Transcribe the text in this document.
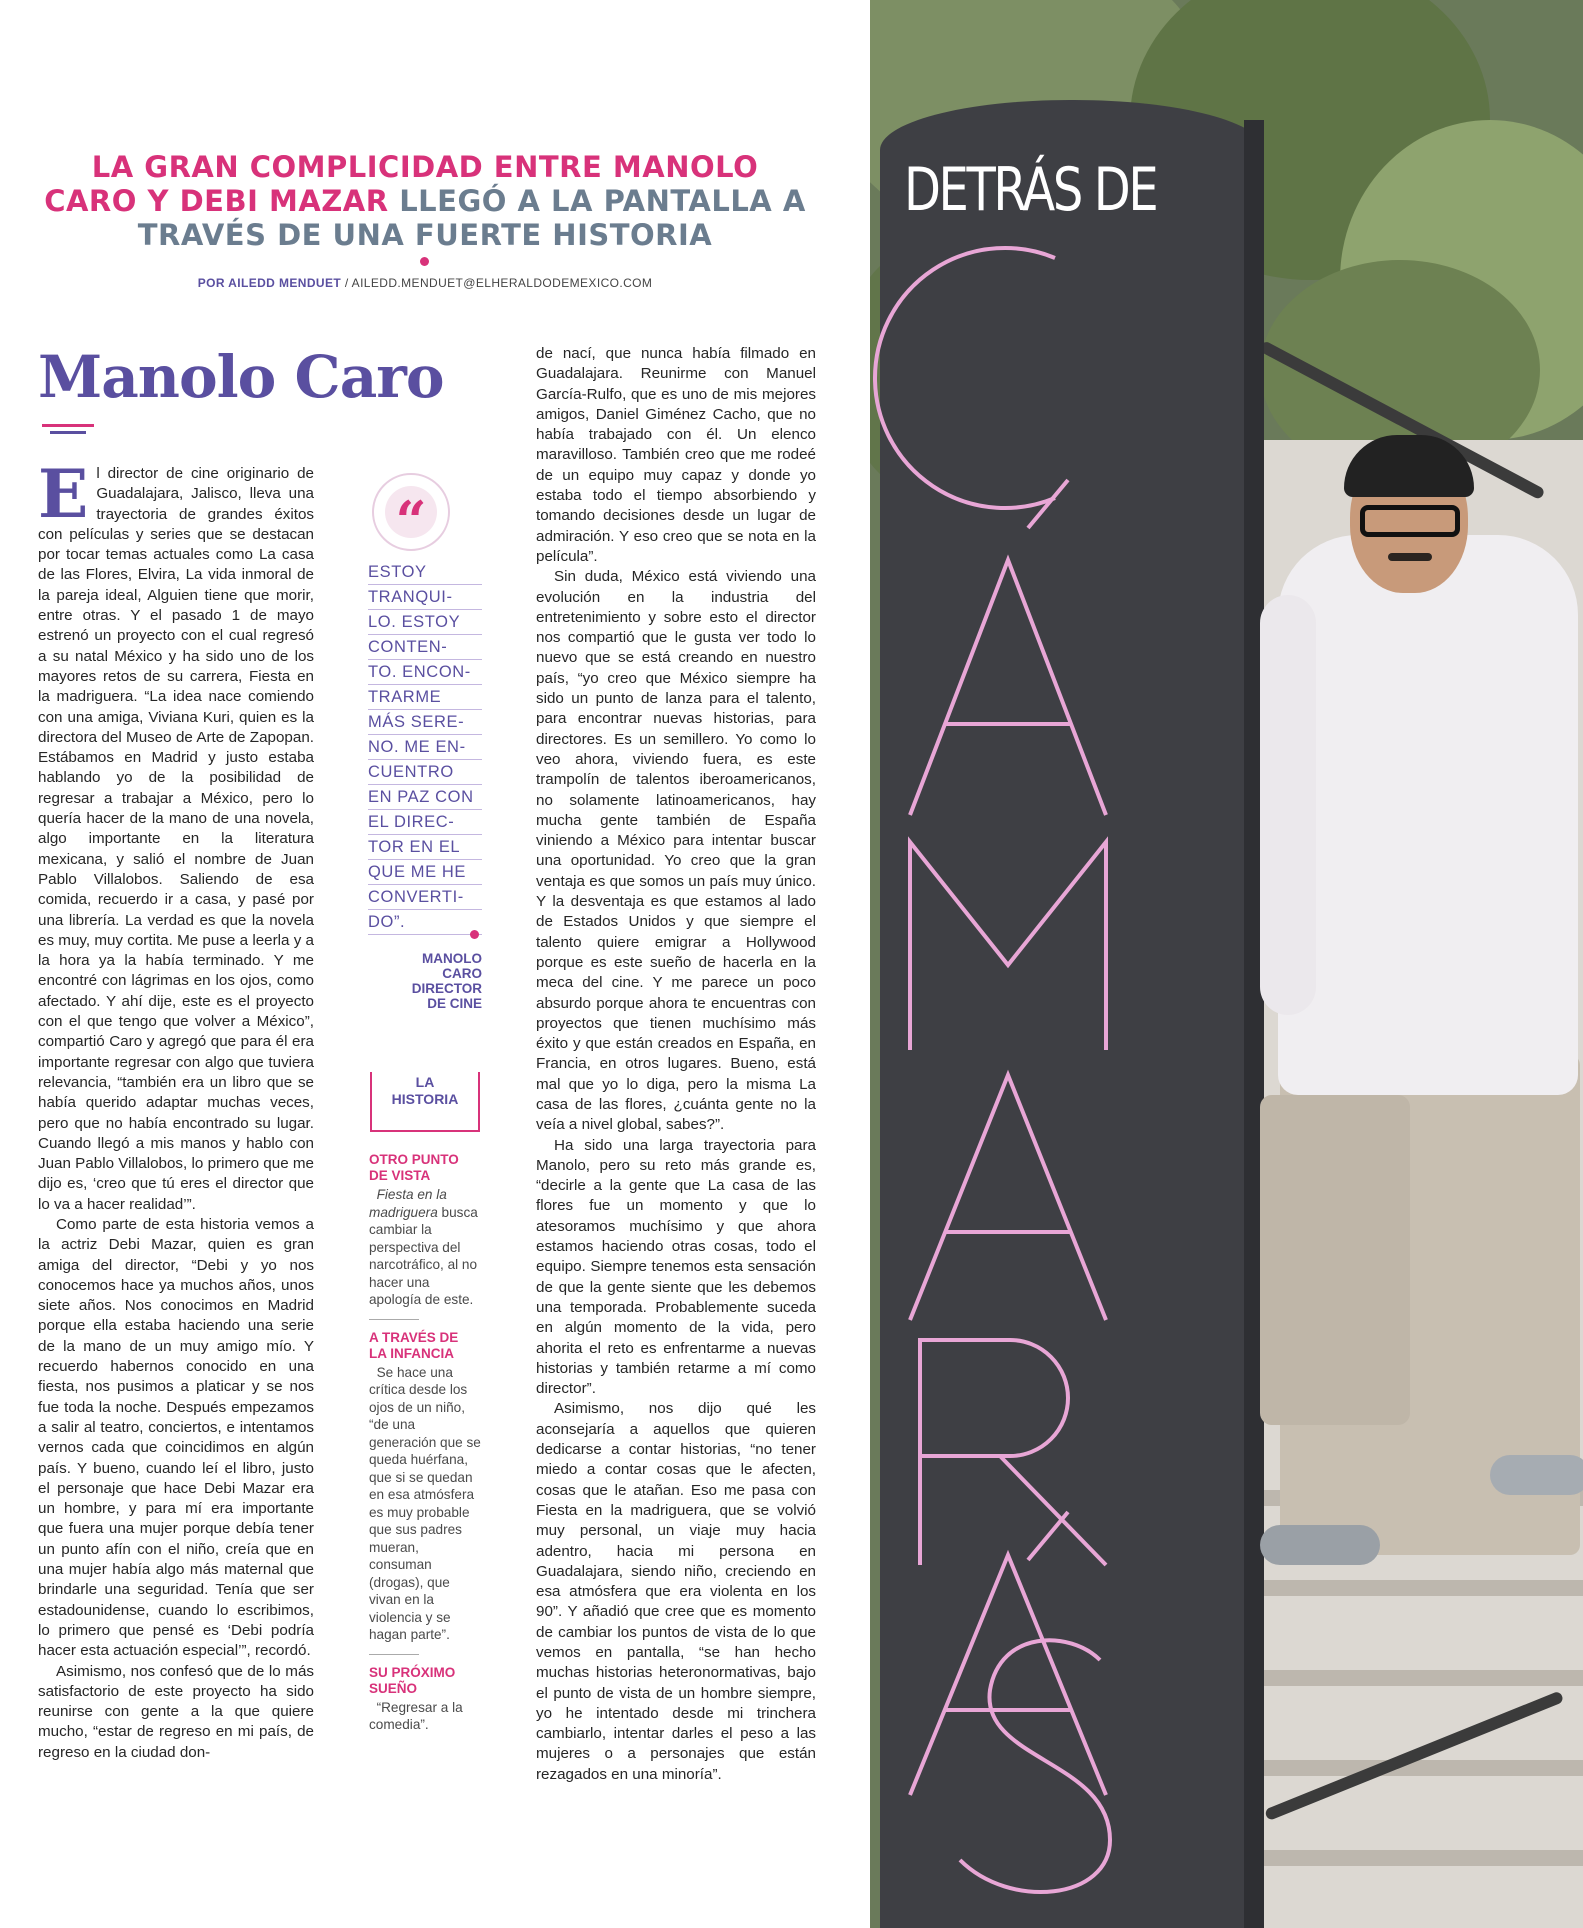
LA GRAN COMPLICIDAD ENTRE MANOLO
CARO Y DEBI MAZAR LLEGÓ A LA PANTALLA A
TRAVÉS DE UNA FUERTE HISTORIA
POR AILEDD MENDUET / AILEDD.MENDUET@ELHERALDODEMEXICO.COM
Manolo Caro

El director de cine originario de Guadalajara, Jalisco, lleva una trayectoria de grandes éxitos con películas y series que se destacan por tocar temas actuales como La casa de las Flores, Elvira, La vida inmoral de la pareja ideal, Alguien tiene que morir, entre otras. Y el pasado 1 de mayo estrenó un proyecto con el cual regresó a su natal México y ha sido uno de los mayores retos de su carrera, Fiesta en la madriguera. “La idea nace comiendo con una amiga, Viviana Kuri, quien es la directora del Museo de Arte de Zapopan. Estábamos en Madrid y justo estaba hablando yo de la posibilidad de regresar a trabajar a México, pero lo quería hacer de la mano de una novela, algo importante en la literatura mexicana, y salió el nombre de Juan Pablo Villalobos. Saliendo de esa comida, recuerdo ir a casa, y pasé por una librería. La verdad es que la novela es muy, muy cortita. Me puse a leerla y a la hora ya la había terminado. Y me encontré con lágrimas en los ojos, como afectado. Y ahí dije, este es el proyecto con el que tengo que volver a México”, compartió Caro y agregó que para él era importante regresar con algo que tuviera relevancia, “también era un libro que se había querido adaptar muchas veces, pero que no había encontrado su lugar. Cuando llegó a mis manos y hablo con Juan Pablo Villalobos, lo primero que me dijo es, ‘creo que tú eres el director que lo va a hacer realidad’”.

Como parte de esta historia vemos a la actriz Debi Mazar, quien es gran amiga del director, “Debi y yo nos conocemos hace ya muchos años, unos siete años. Nos conocimos en Madrid porque ella estaba haciendo una serie de la mano de un muy amigo mío. Y recuerdo habernos conocido en una fiesta, nos pusimos a platicar y se nos fue toda la noche. Después empezamos a salir al teatro, conciertos, e intentamos vernos cada que coincidimos en algún país. Y bueno, cuando leí el libro, justo el personaje que hace Debi Mazar era un hombre, y para mí era importante que fuera una mujer porque debía tener un punto afín con el niño, creía que en una mujer había algo más maternal que brindarle una seguridad. Tenía que ser estadounidense, cuando lo escribimos, lo primero que pensé es ‘Debi podría hacer esta actuación especial’”, recordó.

Asimismo, nos confesó que de lo más satisfactorio de este proyecto ha sido reunirse con gente a la que quiere mucho, “estar de regreso en mi país, de regreso en la ciudad don-

“
ESTOY
TRANQUI-
LO. ESTOY
CONTEN-
TO. ENCON-
TRARME
MÁS SERE-
NO. ME EN-
CUENTRO
EN PAZ CON
EL DIREC-
TOR EN EL
QUE ME HE
CONVERTI-
DO”.
MANOLO
CARO
DIRECTOR
DE CINE
LA
HISTORIA
OTRO PUNTO
DE VISTA

Fiesta en la madriguera busca cambiar la perspectiva del narcotráfico, al no hacer una apología de este.

A TRAVÉS DE
LA INFANCIA

Se hace una crítica desde los ojos de un niño, “de una generación que se queda huérfana, que si se quedan en esa atmósfera es muy probable que sus padres mueran, consuman (drogas), que vivan en la violencia y se hagan parte”.

SU PRÓXIMO
SUEÑO

“Regresar a la comedia”.

de nací, que nunca había filmado en Guadalajara. Reunirme con Manuel García-Rulfo, que es uno de mis mejores amigos, Daniel Giménez Cacho, que no había trabajado con él. Un elenco maravilloso. También creo que me rodeé de un equipo muy capaz y donde yo estaba todo el tiempo absorbiendo y tomando decisiones desde un lugar de admiración. Y eso creo que se nota en la película”.

Sin duda, México está viviendo una evolución en la industria del entretenimiento y sobre esto el director nos compartió que le gusta ver todo lo nuevo que se está creando en nuestro país, “yo creo que México siempre ha sido un punto de lanza para el talento, para encontrar nuevas historias, para directores. Es un semillero. Yo como lo veo ahora, viviendo fuera, es este trampolín de talentos iberoamericanos, no solamente latinoamericanos, hay mucha gente también de España viniendo a México para intentar buscar una oportunidad. Yo creo que la gran ventaja es que somos un país muy único. Y la desventaja es que estamos al lado de Estados Unidos y que siempre el talento quiere emigrar a Hollywood porque es este sueño de hacerla en la meca del cine. Y me parece un poco absurdo porque ahora te encuentras con proyectos que tienen muchísimo más éxito y que están creados en España, en Francia, en otros lugares. Bueno, está mal que yo lo diga, pero la misma La casa de las flores, ¿cuánta gente no la veía a nivel global, sabes?”.

Ha sido una larga trayectoria para Manolo, pero su reto más grande es, “decirle a la gente que La casa de las flores fue un momento y que lo atesoramos muchísimo y que ahora estamos haciendo otras cosas, todo el equipo. Siempre tenemos esta sensación de que la gente siente que les debemos una temporada. Probablemente suceda en algún momento de la vida, pero ahorita el reto es enfrentarme a nuevas historias y también retarme a mí como director”.

Asimismo, nos dijo qué les aconsejaría a aquellos que quieren dedicarse a contar historias, “no tener miedo a contar cosas que le afecten, cosas que le atañan. Eso me pasa con Fiesta en la madriguera, que se volvió muy personal, un viaje muy hacia adentro, hacia mi persona en Guadalajara, siendo niño, creciendo en esa atmósfera que era violenta en los 90”. Y añadió que cree que es momento de cambiar los puntos de vista de lo que vemos en pantalla, “se han hecho muchas historias heteronormativas, bajo el punto de vista de un hombre siempre, yo he intentado desde mi trinchera cambiarlo, intentar darles el peso a las mujeres o a personajes que están rezagados en una minoría”.

DETRÁS DE
